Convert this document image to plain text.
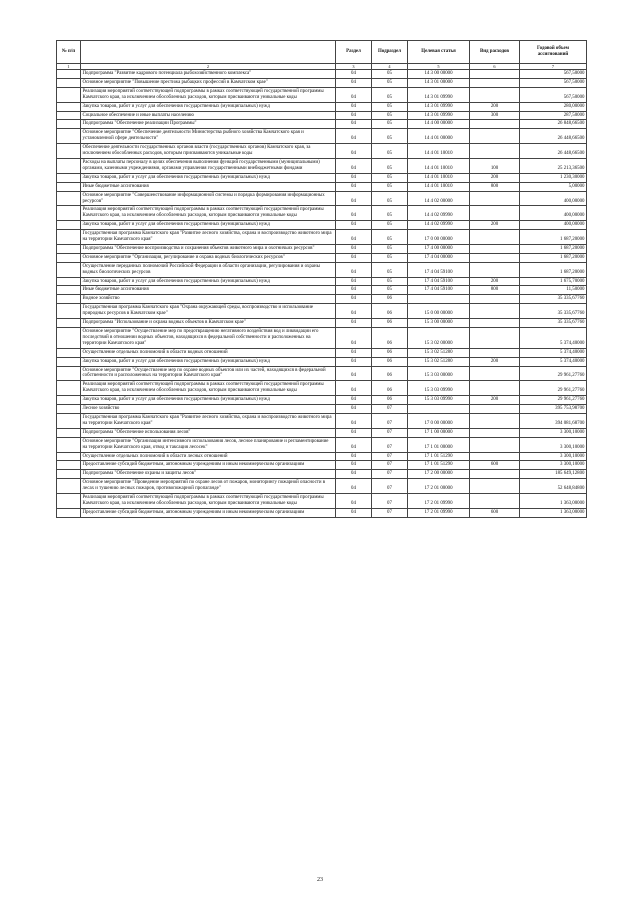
№ п/п		Раздел	Подраздел	Целевая статья	Вид расходов	Годовой объем ассигнований
1	2	3	4	5	6	7
	Подпрограмма "Развитие кадрового потенциала рыбохозяйственного комплекса"	04	05	14 3 00 00000		567,50000
	Основное мероприятие "Повышение престижа рыбацких профессий в Камчатском крае"	04	05	14 3 01 00000		567,50000
	Реализация мероприятий соответствующей подпрограммы в рамках соответствующей государственной программы Камчатского края, за исключением обособленных расходов, которым присваиваются уникальные коды	04	05	14 3 01 09990		567,50000
	Закупка товаров, работ и услуг для обеспечения государственных (муниципальных) нужд	04	05	14 3 01 09990	200	280,00000
	Социальное обеспечение и иные выплаты населению	04	05	14 3 01 09990	300	287,50000
	Подпрограмма "Обеспечение реализации Программы"	04	05	14 4 00 00000		26 848,66500
	Основное мероприятие "Обеспечение деятельности Министерства рыбного хозяйства Камчатского края и установленной сфере деятельности"	04	05	14 4 01 00000		26 448,66500
	Обеспечение деятельности государственных органов власти (государственных органов) Камчатского края, за исключением обособленных расходов, которым присваиваются уникальные коды	04	05	14 4 01 10010		26 448,66500
	Расходы на выплаты персоналу в целях обеспечения выполнения функций государственными (муниципальными) органами, казенными учреждениями, органами управления государственными внебюджетными фондами	04	05	14 4 01 10010	100	25 213,36500
	Закупка товаров, работ и услуг для обеспечения государственных (муниципальных) нужд	04	05	14 4 01 10010	200	1 230,30000
	Иные бюджетные ассигнования	04	05	14 4 01 10010	800	5,00000
	Основное мероприятие "Совершенствование информационной системы и порядка формирования информационных ресурсов"	04	05	14 4 02 00000		400,00000
	Реализация мероприятий соответствующей подпрограммы в рамках соответствующей государственной программы Камчатского края, за исключением обособленных расходов, которым присваиваются уникальные коды	04	05	14 4 02 09990		400,00000
	Закупка товаров, работ и услуг для обеспечения государственных (муниципальных) нужд	04	05	14 4 02 09990	200	400,00000
	Государственная программа Камчатского края "Развитие лесного хозяйства, охрана и воспроизводство животного мира на территории Камчатского края"	04	05	17 0 00 00000		1 687,20000
	Подпрограмма "Обеспечение воспроизводства и сохранения объектов животного мира и охотничьих ресурсов"	04	05	17 4 00 00000		1 687,20000
	Основное мероприятие "Организация, регулирование и охрана водных биологических ресурсов"	04	05	17 4 04 00000		1 687,20000
	Осуществление переданных полномочий Российской Федерации в области организации, регулирования и охраны водных биологических ресурсов	04	05	17 4 04 59100		1 687,20000
	Закупка товаров, работ и услуг для обеспечения государственных (муниципальных) нужд	04	05	17 4 04 59100	200	1 675,70000
	Иные бюджетные ассигнования	04	05	17 4 04 59100	800	11,50000
	Водное хозяйство	04	06			35 335,67760
	Государственная программа Камчатского края "Охрана окружающей среды, воспроизводство и использование природных ресурсов в Камчатском крае"	04	06	15 0 00 00000		35 335,67760
	Подпрограмма "Использование и охрана водных объектов в Камчатском крае"	04	06	15 3 00 00000		35 335,67760
	Основное мероприятие "Осуществление мер по предотвращению негативного воздействия вод и ликвидации его последствий в отношении водных объектов, находящихся в федеральной собственности и расположенных на территории Камчатского края"	04	06	15 3 02 00000		5 374,40000
	Осуществление отдельных полномочий в области водных отношений	04	06	15 3 02 51280		5 374,40000
	Закупка товаров, работ и услуг для обеспечения государственных (муниципальных) нужд	04	06	15 3 02 51280	200	5 374,40000
	Основное мероприятие "Осуществление мер по охране водных объектов или их частей, находящихся в федеральной собственности и расположенных на территории Камчатского края"	04	06	15 3 03 00000		29 961,27760
	Реализация мероприятий соответствующей подпрограммы в рамках соответствующей государственной программы Камчатского края, за исключением обособленных расходов, которым присваиваются уникальные коды	04	06	15 3 03 09990		29 961,27760
	Закупка товаров, работ и услуг для обеспечения государственных (муниципальных) нужд	04	06	15 3 03 09990	200	29 961,27760
	Лесное хозяйство	04	07			395 753,98700
	Государственная программа Камчатского края "Развитие лесного хозяйства, охрана и воспроизводство животного мира на территории Камчатского края"	04	07	17 0 00 00000		394 081,68700
	Подпрограмма "Обеспечение использования лесов"	04	07	17 1 00 00000		3 300,10000
	Основное мероприятие "Организация интенсивного использования лесов, лесное планирование и регламентирование на территории Камчатского края, отвод и таксация лесосек"	04	07	17 1 01 00000		3 300,10000
	Осуществление отдельных полномочий в области лесных отношений	04	07	17 1 01 51290		3 300,10000
	Предоставление субсидий бюджетным, автономным учреждениям и иным некоммерческим организациям	04	07	17 1 01 51290	600	3 300,10000
	Подпрограмма "Обеспечение охраны и защиты лесов"	04	07	17 2 00 00000		185 649,12800
	Основное мероприятие "Проведение мероприятий по охране лесов от пожаров, мониторингу пожарной опасности в лесах и тушению лесных пожаров, противопожарной пропаганде"	04	07	17 2 01 00000		52 648,84800
	Реализация мероприятий соответствующей подпрограммы в рамках соответствующей государственной программы Камчатского края, за исключением обособленных расходов, которым присваиваются уникальные коды	04	07	17 2 01 09990		1 363,00000
	Предоставление субсидий бюджетным, автономным учреждениям и иным некоммерческим организациям	04	07	17 2 01 09990	600	1 363,00000
23
